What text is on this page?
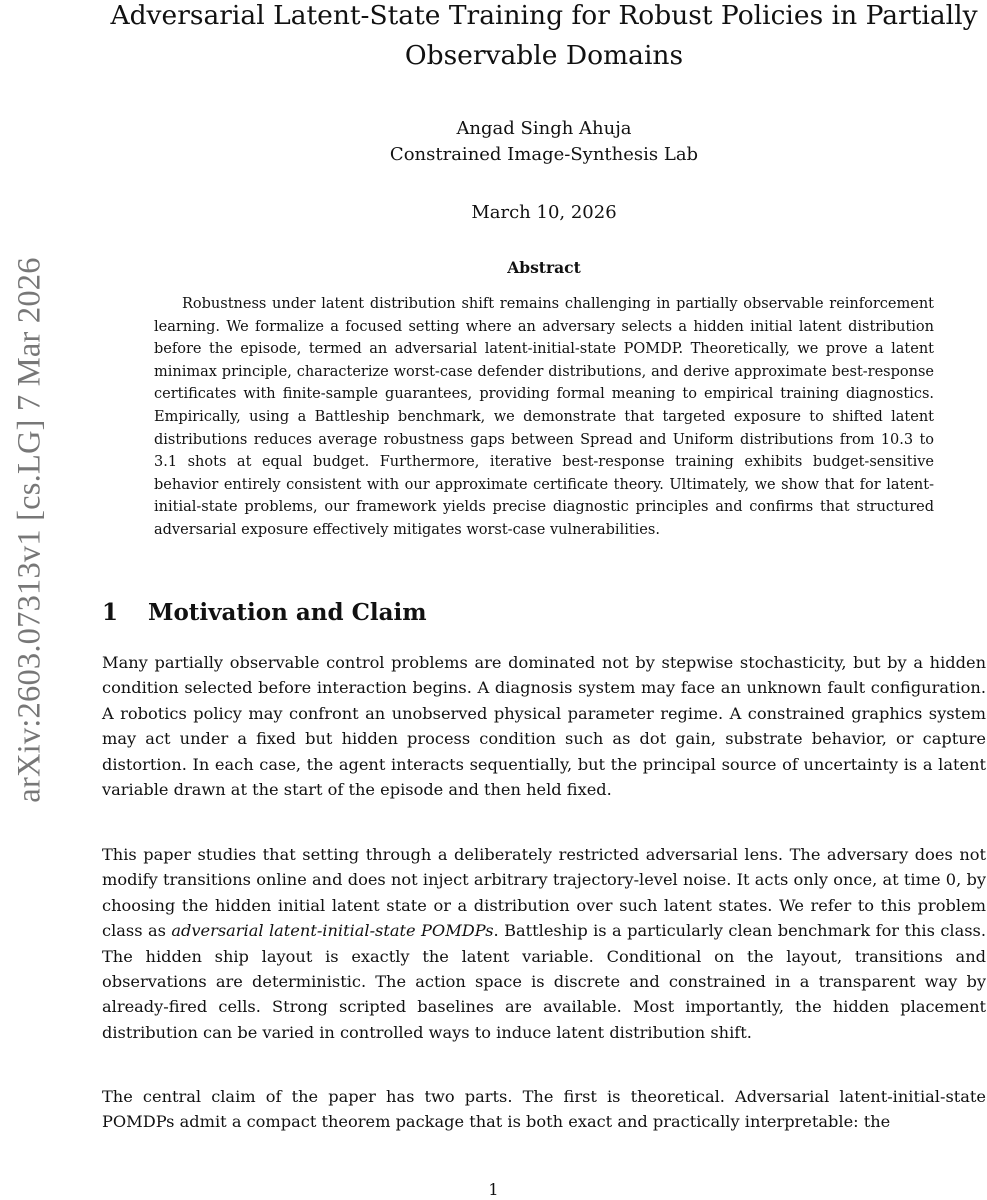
arXiv:2603.07313v1 [cs.LG] 7 Mar 2026
Adversarial Latent-State Training for Robust Policies in Partially Observable Domains
Angad Singh Ahuja
Constrained Image-Synthesis Lab
March 10, 2026
Abstract
Robustness under latent distribution shift remains challenging in partially observable reinforcement learning. We formalize a focused setting where an adversary selects a hidden initial latent distribution before the episode, termed an adversarial latent-initial-state POMDP. Theoretically, we prove a latent minimax principle, characterize worst-case defender distributions, and derive approximate best-response certificates with finite-sample guarantees, providing formal meaning to empirical training diagnostics. Empirically, using a Battleship benchmark, we demonstrate that targeted exposure to shifted latent distributions reduces average robustness gaps between Spread and Uniform distributions from 10.3 to 3.1 shots at equal budget. Furthermore, iterative best-response training exhibits budget-sensitive behavior entirely consistent with our approximate certificate theory. Ultimately, we show that for latent-initial-state problems, our framework yields precise diagnostic principles and confirms that structured adversarial exposure effectively mitigates worst-case vulnerabilities.
1 Motivation and Claim
Many partially observable control problems are dominated not by stepwise stochasticity, but by a hidden condition selected before interaction begins. A diagnosis system may face an unknown fault configuration. A robotics policy may confront an unobserved physical parameter regime. A constrained graphics system may act under a fixed but hidden process condition such as dot gain, substrate behavior, or capture distortion. In each case, the agent interacts sequentially, but the principal source of uncertainty is a latent variable drawn at the start of the episode and then held fixed.
This paper studies that setting through a deliberately restricted adversarial lens. The adversary does not modify transitions online and does not inject arbitrary trajectory-level noise. It acts only once, at time 0, by choosing the hidden initial latent state or a distribution over such latent states. We refer to this problem class as adversarial latent-initial-state POMDPs. Battleship is a particularly clean benchmark for this class. The hidden ship layout is exactly the latent variable. Conditional on the layout, transitions and observations are deterministic. The action space is discrete and constrained in a transparent way by already-fired cells. Strong scripted baselines are available. Most importantly, the hidden placement distribution can be varied in controlled ways to induce latent distribution shift.
The central claim of the paper has two parts. The first is theoretical. Adversarial latent-initial-state POMDPs admit a compact theorem package that is both exact and practically interpretable: the
1
